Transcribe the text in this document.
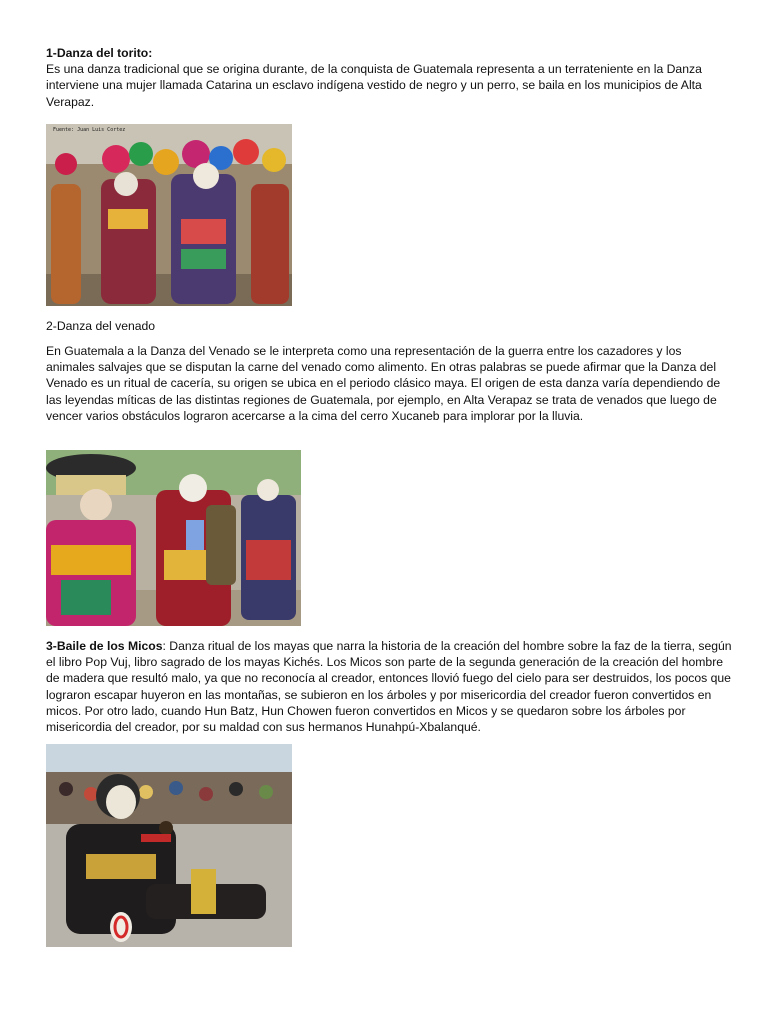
1-Danza del torito:

Es una danza tradicional que se origina durante, de la conquista de Guatemala representa a un terrateniente en la Danza interviene una mujer llamada Catarina un esclavo indígena vestido de negro y un perro, se baila en los municipios de Alta Verapaz.

Fuente: Juan Luis Cortez

2-Danza del venado

En Guatemala a la Danza del Venado se le interpreta como una representación de la guerra entre los cazadores y los animales salvajes que se disputan la carne del venado como alimento. En otras palabras se puede afirmar que la Danza del Venado es un ritual de cacería, su origen se ubica en el periodo clásico maya. El origen de esta danza varía dependiendo de las leyendas míticas de las distintas regiones de Guatemala, por ejemplo, en Alta Verapaz se trata de venados que luego de vencer varios obstáculos lograron acercarse a la cima del cerro Xucaneb para implorar por la lluvia.

3-Baile de los Micos: Danza ritual de los mayas que narra la historia de la creación del hombre sobre la faz de la tierra, según el libro Pop Vuj, libro sagrado de los mayas Kichés. Los Micos son parte de la segunda generación de la creación del hombre de madera que resultó malo, ya que no reconocía al creador, entonces llovió fuego del cielo para ser destruidos, los pocos que lograron escapar huyeron en las montañas, se subieron en los árboles y por misericordia del creador fueron convertidos en micos. Por otro lado, cuando Hun Batz, Hun Chowen fueron convertidos en Micos y se quedaron sobre los árboles por misericordia del creador, por su maldad con sus hermanos Hunahpú-Xbalanqué.
